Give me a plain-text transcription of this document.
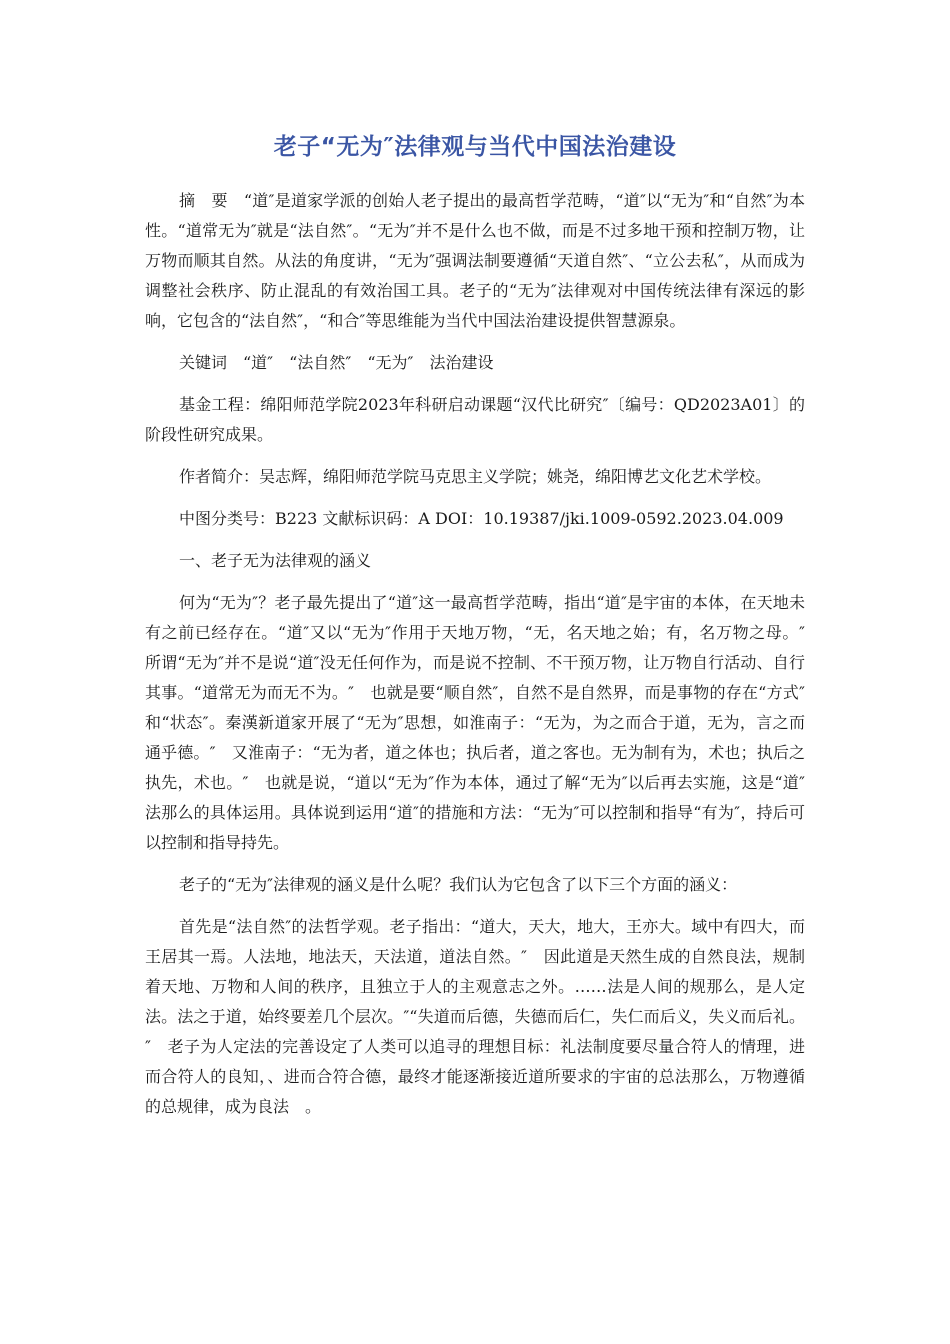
老子“无为″法律观与当代中国法治建设

摘　要　“道″是道家学派的创始人老子提出的最高哲学范畴，“道″以“无为″和“自然″为本性。“道常无为″就是“法自然″。“无为″并不是什么也不做，而是不过多地干预和控制万物，让万物而顺其自然。从法的角度讲，“无为″强调法制要遵循“天道自然″、“立公去私″，从而成为调整社会秩序、防止混乱的有效治国工具。老子的“无为″法律观对中国传统法律有深远的影响，它包含的“法自然″，“和合″等思维能为当代中国法治建设提供智慧源泉。

关键词　“道″　“法自然″　“无为″　法治建设

基金工程：绵阳师范学院2023年科研启动课题“汉代比研究″〔编号：QD2023A01〕的阶段性研究成果。

作者简介：吴志辉，绵阳师范学院马克思主义学院；姚尧，绵阳博艺文化艺术学校。

中图分类号：B223 文献标识码：A DOI：10.19387/jki.1009-0592.2023.04.009

一、老子无为法律观的涵义

何为“无为″？老子最先提出了“道″这一最高哲学范畴，指出“道″是宇宙的本体，在天地未有之前已经存在。“道″又以“无为″作用于天地万物，“无，名天地之始；有，名万物之母。″　所谓“无为″并不是说“道″没无任何作为，而是说不控制、不干预万物，让万物自行活动、自行其事。“道常无为而无不为。″　也就是要“顺自然″，自然不是自然界，而是事物的存在“方式″和“状态″。秦漢新道家开展了“无为″思想，如淮南子：“无为，为之而合于道，无为，言之而通乎德。″　又淮南子：“无为者，道之体也；执后者，道之客也。无为制有为，术也；执后之执先，术也。″　也就是说，“道以“无为″作为本体，通过了解“无为″以后再去实施，这是“道″法那么的具体运用。具体说到运用“道″的措施和方法：“无为″可以控制和指导“有为″，持后可以控制和指导持先。

老子的“无为″法律观的涵义是什么呢？我们认为它包含了以下三个方面的涵义：

首先是“法自然″的法哲学观。老子指出：“道大，天大，地大，王亦大。域中有四大，而王居其一焉。人法地，地法天，天法道，道法自然。″　因此道是天然生成的自然良法，规制着天地、万物和人间的秩序，且独立于人的主观意志之外。……法是人间的规那么，是人定法。法之于道，始终要差几个层次。″“失道而后德，失德而后仁，失仁而后义，失义而后礼。″　老子为人定法的完善设定了人类可以追寻的理想目标：礼法制度要尽量合符人的情理，进而合符人的良知，、进而合符合德，最终才能逐渐接近道所要求的宇宙的总法那么，万物遵循的总规律，成为良法　。
